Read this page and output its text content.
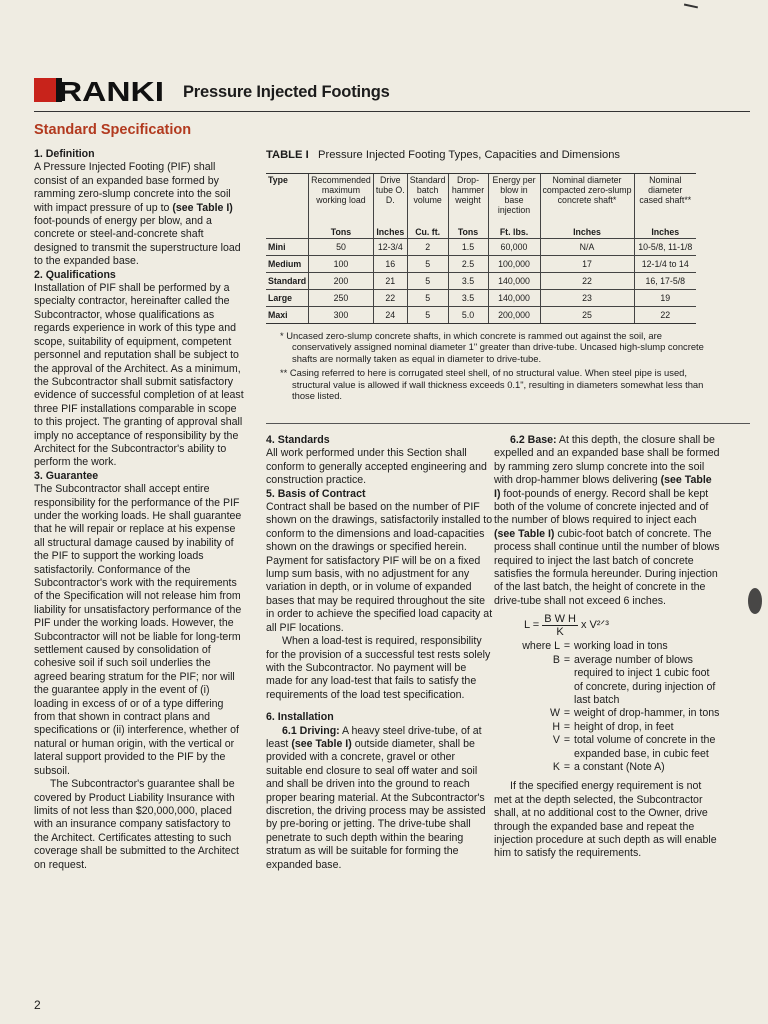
RANKI Pressure Injected Footings
Standard Specification
1. Definition

A Pressure Injected Footing (PIF) shall consist of an expanded base formed by ramming zero-slump concrete into the soil with impact pressure of up to (see Table I) foot-pounds of energy per blow, and a concrete or steel-and-concrete shaft designed to transmit the superstructure load to the expanded base.

2. Qualifications

Installation of PIF shall be performed by a specialty contractor, hereinafter called the Subcontractor, whose qualifications as regards experience in work of this type and scope, suitability of equipment, competent personnel and reputation shall be subject to the approval of the Architect. As a minimum, the Subcontractor shall submit satisfactory evidence of successful completion of at least three PIF installations comparable in scope to this project. The granting of approval shall imply no acceptance of responsibility by the Architect for the Subcontractor's ability to perform the work.

3. Guarantee

The Subcontractor shall accept entire responsibility for the performance of the PIF under the working loads. He shall guarantee that he will repair or replace at his expense all structural damage caused by inability of the PIF to support the working loads satisfactorily. Conformance of the Subcontractor's work with the requirements of the Specification will not release him from liability for unsatisfactory performance of the PIF under the working loads. However, the Subcontractor will not be liable for long-term settlement caused by consolidation of cohesive soil if such soil underlies the agreed bearing stratum for the PIF; nor will the guarantee apply in the event of (i) loading in excess of or of a type differing from that shown in contract plans and specifications or (ii) interference, whether of natural or human origin, with the vertical or lateral support provided to the PIF by the subsoil.

The Subcontractor's guarantee shall be covered by Product Liability Insurance with limits of not less than $20,000,000, placed with an insurance company satisfactory to the Architect. Certificates attesting to such coverage shall be submitted to the Architect on request.

TABLE I Pressure Injected Footing Types, Capacities and Dimensions
Type	Recommended maximum working load	Drive tube O. D.	Standard batch volume	Drop-hammer weight	Energy per blow in base injection	Nominal diameter compacted zero-slump concrete shaft*	Nominal diameter cased shaft**
	Tons	Inches	Cu. ft.	Tons	Ft. lbs.	Inches	Inches
Mini	50	12-3/4	2	1.5	60,000	N/A	10-5/8, 11-1/8
Medium	100	16	5	2.5	100,000	17	12-1/4 to 14
Standard	200	21	5	3.5	140,000	22	16, 17-5/8
Large	250	22	5	3.5	140,000	23	19
Maxi	300	24	5	5.0	200,000	25	22

* Uncased zero-slump concrete shafts, in which concrete is rammed out against the soil, are conservatively assigned nominal diameter 1" greater than drive-tube. Uncased high-slump concrete shafts are normally taken as equal in diameter to drive-tube.

** Casing referred to here is corrugated steel shell, of no structural value. When steel pipe is used, structural value is allowed if wall thickness exceeds 0.1", resulting in diameters somewhat less than those listed.

4. Standards

All work performed under this Section shall conform to generally accepted engineering and construction practice.

5. Basis of Contract

Contract shall be based on the number of PIF shown on the drawings, satisfactorily installed to conform to the dimensions and load-capacities shown on the drawings or specified herein. Payment for satisfactory PIF will be on a fixed lump sum basis, with no adjustment for any variation in depth, or in volume of expanded bases that may be required throughout the site in order to achieve the specified load capacity at all PIF locations.

When a load-test is required, responsibility for the provision of a successful test rests solely with the Subcontractor. No payment will be made for any load-test that fails to satisfy the requirements of the load test specification.

6. Installation

6.1 Driving: A heavy steel drive-tube, of at least (see Table I) outside diameter, shall be provided with a concrete, gravel or other suitable end closure to seal off water and soil and shall be driven into the ground to reach proper bearing material. At the Subcontractor's discretion, the driving process may be assisted by pre-boring or jetting. The drive-tube shall penetrate to such depth within the bearing stratum as will be suitable for forming the expanded base.

6.2 Base: At this depth, the closure shall be expelled and an expanded base shall be formed by ramming zero slump concrete into the soil with drop-hammer blows delivering (see Table I) foot-pounds of energy. Record shall be kept both of the volume of concrete injected and of the number of blows required to inject each (see Table I) cubic-foot batch of concrete. The process shall continue until the number of blows required to inject the last batch of concrete satisfies the formula hereunder. During injection of the last batch, the height of concrete in the drive-tube shall not exceed 6 inches.

$L = \frac{\text{B W H}}{K}$ x V²ᐟ³
where L = working load in tons
B = average number of blows required to inject 1 cubic foot of concrete, during injection of last batch
W = weight of drop-hammer, in tons
H = height of drop, in feet
V = total volume of concrete in the expanded base, in cubic feet
K = a constant (Note A)

If the specified energy requirement is not met at the depth selected, the Subcontractor shall, at no additional cost to the Owner, drive through the expanded base and repeat the injection procedure at such depth as will enable him to satisfy the requirements.

2
